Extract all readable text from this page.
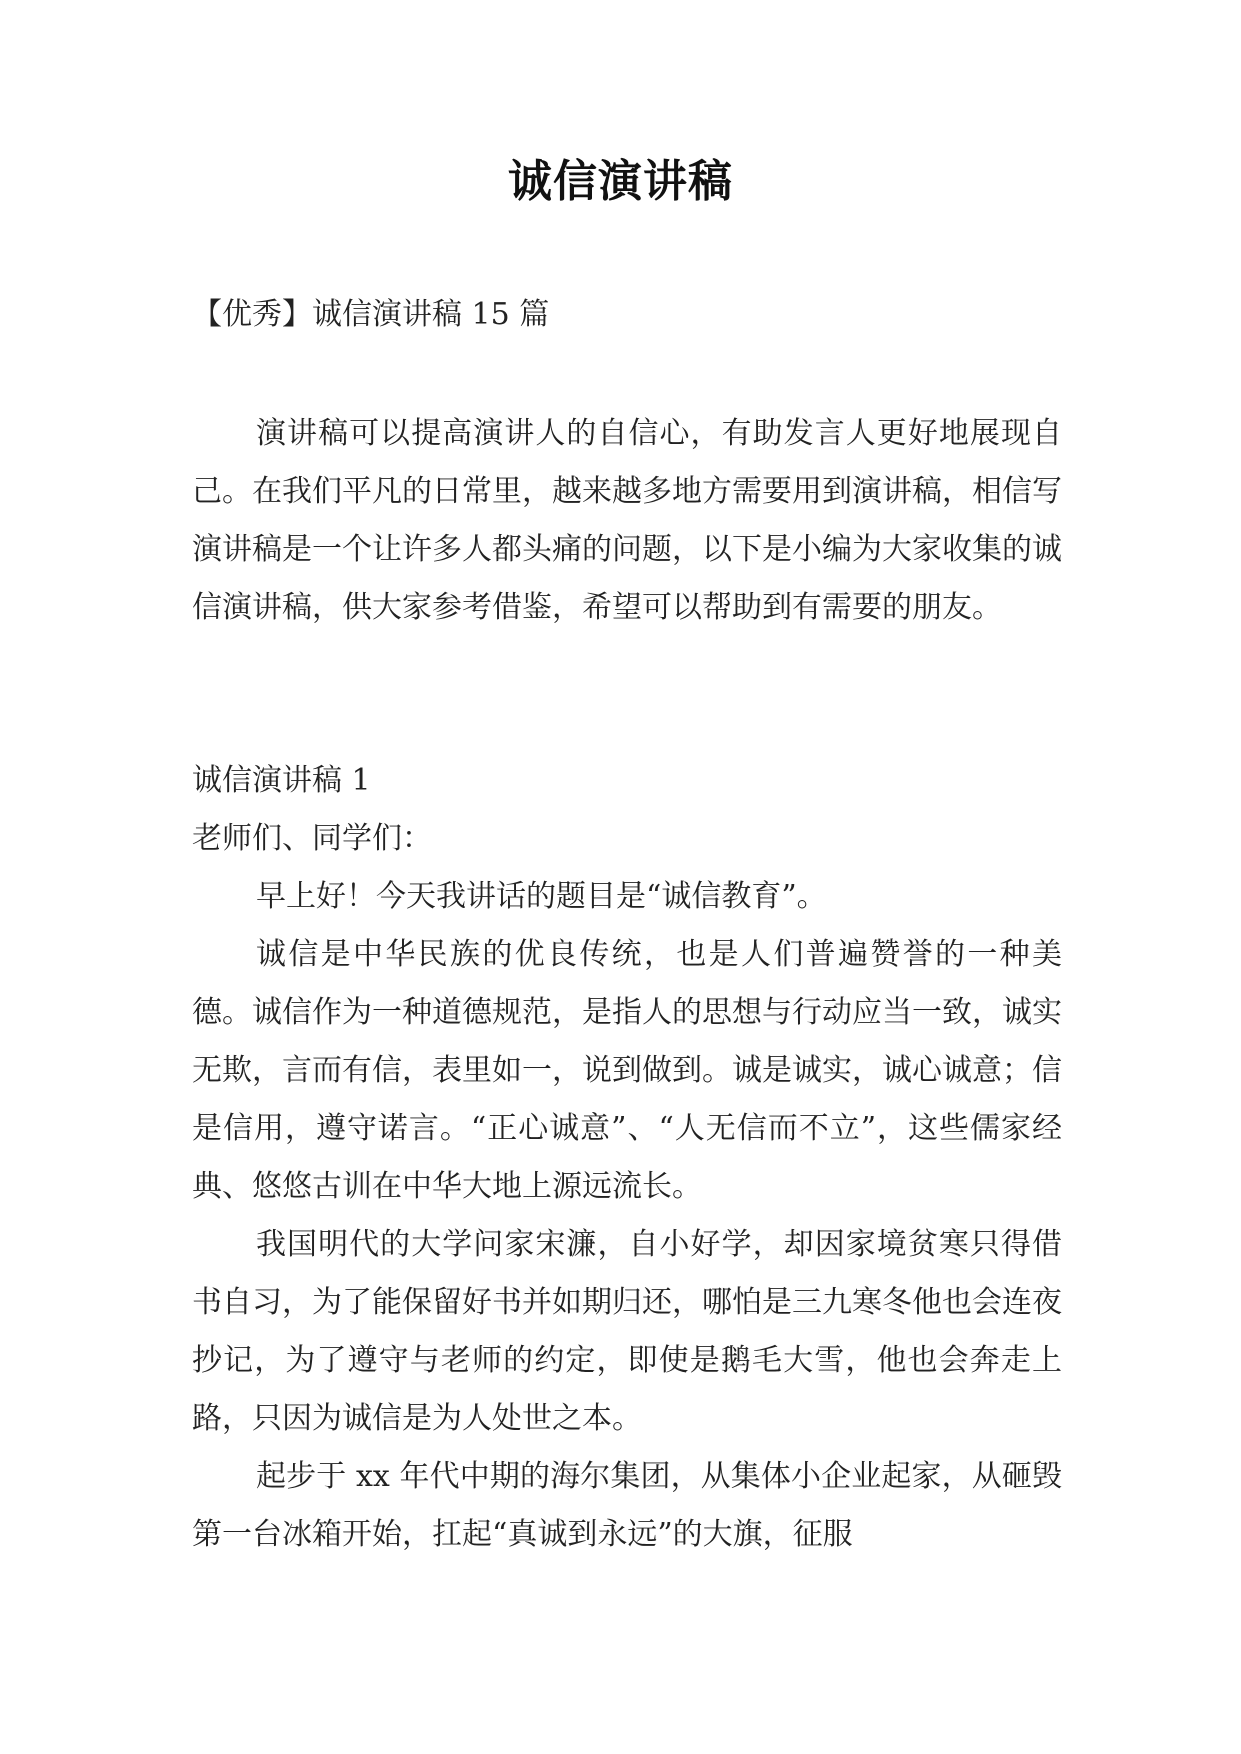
诚信演讲稿

【优秀】诚信演讲稿 15 篇

演讲稿可以提高演讲人的自信心，有助发言人更好地展现自己。在我们平凡的日常里，越来越多地方需要用到演讲稿，相信写演讲稿是一个让许多人都头痛的问题，以下是小编为大家收集的诚信演讲稿，供大家参考借鉴，希望可以帮助到有需要的朋友。

诚信演讲稿 1

老师们、同学们：

早上好！今天我讲话的题目是“诚信教育”。

诚信是中华民族的优良传统，也是人们普遍赞誉的一种美德。诚信作为一种道德规范，是指人的思想与行动应当一致，诚实无欺，言而有信，表里如一，说到做到。诚是诚实，诚心诚意；信是信用，遵守诺言。“正心诚意”、“人无信而不立”，这些儒家经典、悠悠古训在中华大地上源远流长。

我国明代的大学问家宋濂，自小好学，却因家境贫寒只得借书自习，为了能保留好书并如期归还，哪怕是三九寒冬他也会连夜抄记，为了遵守与老师的约定，即使是鹅毛大雪，他也会奔走上路，只因为诚信是为人处世之本。

起步于 xx 年代中期的海尔集团，从集体小企业起家，从砸毁第一台冰箱开始，扛起“真诚到永远”的大旗，征服
